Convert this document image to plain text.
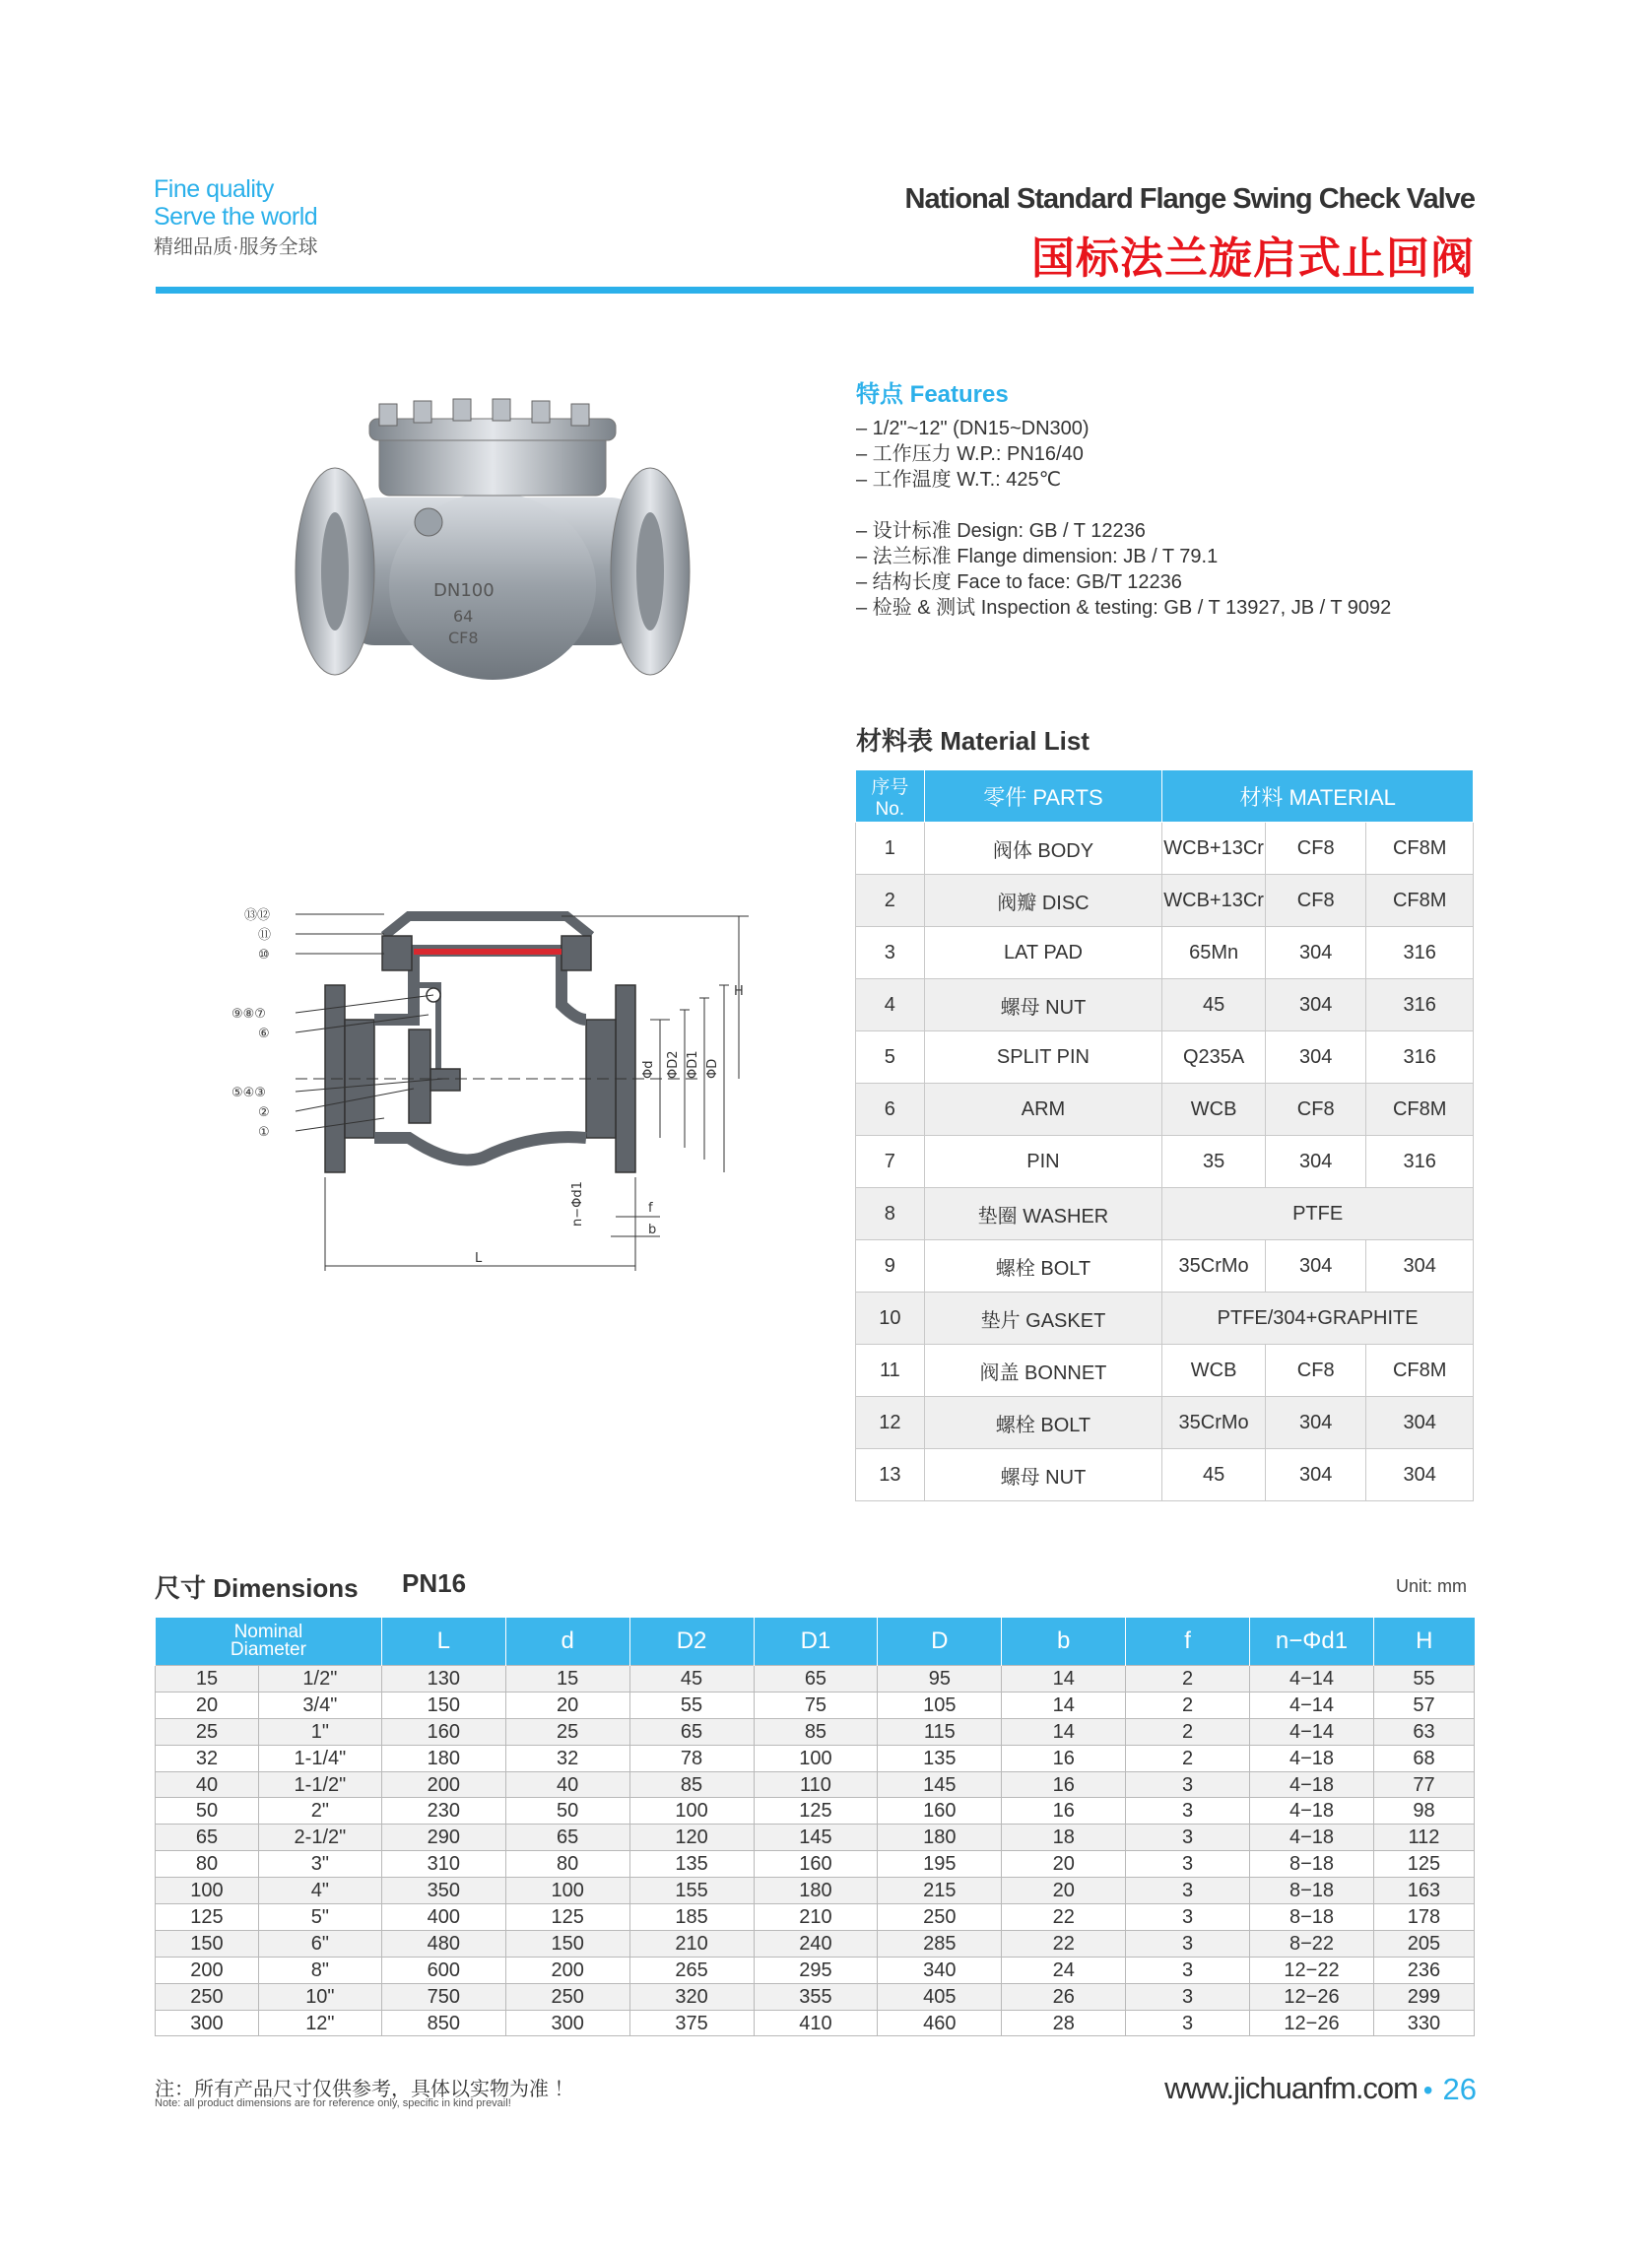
Fine quality
Serve the world
精细品质·服务全球
National Standard Flange Swing Check Valve
国标法兰旋启式止回阀
DN100
64
CF8
特点 Features
– 1/2"~12" (DN15~DN300)
– 工作压力 W.P.: PN16/40
– 工作温度 W.T.: 425℃
– 设计标准 Design: GB / T 12236
– 法兰标准 Flange dimension: JB / T 79.1
– 结构长度 Face to face: GB/T 12236
– 检验 & 测试 Inspection & testing: GB / T 13927, JB / T 9092
⑬⑫
⑪
⑩
⑨⑧⑦
⑥
⑤④③
②
①
H
Φd ΦD2 ΦD1 ΦD
n−Φd1	f
b
L
材料表 Material List
序号No.	零件 PARTS	材料 MATERIAL		
1	阀体 BODY	WCB+13Cr	CF8	CF8M
2	阀瓣 DISC	WCB+13Cr	CF8	CF8M
3	LAT PAD	65Mn	304	316
4	螺母 NUT	45	304	316
5	SPLIT PIN	Q235A	304	316
6	ARM	WCB	CF8	CF8M
7	PIN	35	304	316
8	垫圈 WASHER	PTFE		
9	螺栓 BOLT	35CrMo	304	304
10	垫片 GASKET	PTFE/304+GRAPHITE		
11	阀盖 BONNET	WCB	CF8	CF8M
12	螺栓 BOLT	35CrMo	304	304
13	螺母 NUT	45	304	304
尺寸 Dimensions PN16	Unit: mm
Nominal
Diameter		L	d	D2	D1	D	b	f	n−Φd1	H
15	1/2"	130	15	45	65	95	14	2	4−14	55
20	3/4"	150	20	55	75	105	14	2	4−14	57
25	1"	160	25	65	85	115	14	2	4−14	63
32	1-1/4"	180	32	78	100	135	16	2	4−18	68
40	1-1/2"	200	40	85	110	145	16	3	4−18	77
50	2"	230	50	100	125	160	16	3	4−18	98
65	2-1/2"	290	65	120	145	180	18	3	4−18	112
80	3"	310	80	135	160	195	20	3	8−18	125
100	4"	350	100	155	180	215	20	3	8−18	163
125	5"	400	125	185	210	250	22	3	8−18	178
150	6"	480	150	210	240	285	22	3	8−22	205
200	8"	600	200	265	295	340	24	3	12−22	236
250	10"	750	250	320	355	405	26	3	12−26	299
300	12"	850	300	375	410	460	28	3	12−26	330
注：所有产品尺寸仅供参考，具体以实物为准 ！
Note: all product dimensions are for reference only, specific in kind prevail!	www.jichuanfm.com • 26
